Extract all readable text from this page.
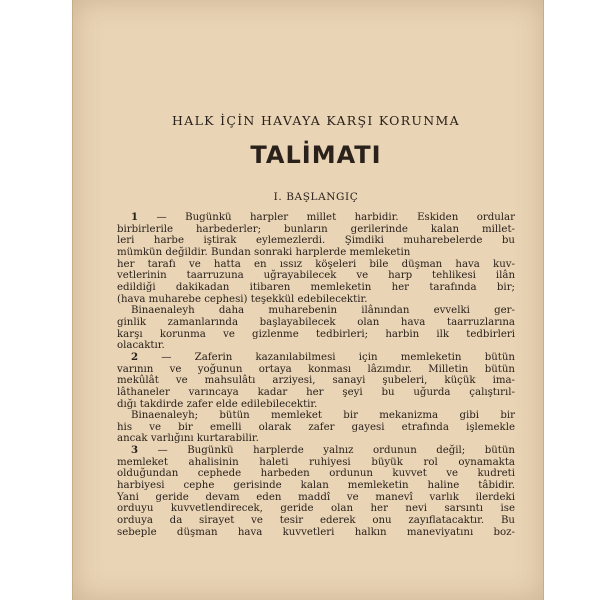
HALK İÇİN HAVAYA KARŞI KORUNMA

TALİMATI

I. BAŞLANGIÇ

1 — Bugünkü harpler millet harbidir. Eskiden ordular
birbirlerile harbederler; bunların gerilerinde kalan millet-
leri harbe iştirak eylemezlerdi. Şimdiki muharebelerde bu
mümkün değildir. Bundan sonraki harplerde memleketin
her tarafı ve hatta en ıssız köşeleri bile düşman hava kuv-
vetlerinin taarruzuna uğrayabilecek ve harp tehlikesi ilân
edildiği dakikadan itibaren memleketin her tarafında bir;
(hava muharebe cephesi) teşekkül edebilecektir.
Binaenaleyh daha muharebenin ilânından evvelki ger-
ginlik zamanlarında başlayabilecek olan hava taarruzlarına
karşı korunma ve gizlenme tedbirleri; harbin ilk tedbirleri
olacaktır.
2 — Zaferin kazanılabilmesi için memleketin bütün
varının ve yoğunun ortaya konması lâzımdır. Milletin bütün
mekûlât ve mahsulâtı arziyesi, sanayi şubeleri, küçük ima-
lâthaneler varıncaya kadar her şeyi bu uğurda çalıştırıl-
dığı takdirde zafer elde edilebilecektir.
Binaenaleyh; bütün memleket bir mekanizma gibi bir
his ve bir emelli olarak zafer gayesi etrafında işlemekle
ancak varlığını kurtarabilir.
3 — Bugünkü harplerde yalnız ordunun değil; bütün
memleket ahalisinin haleti ruhiyesi büyük rol oynamakta
olduğundan cephede harbeden ordunun kuvvet ve kudreti
harbiyesi cephe gerisinde kalan memleketin haline tâbidir.
Yani geride devam eden maddî ve manevî varlık ilerdeki
orduyu kuvvetlendirecek, geride olan her nevi sarsıntı ise
orduya da sirayet ve tesir ederek onu zayıflatacaktır. Bu
sebeple düşman hava kuvvetleri halkın maneviyatını boz-
